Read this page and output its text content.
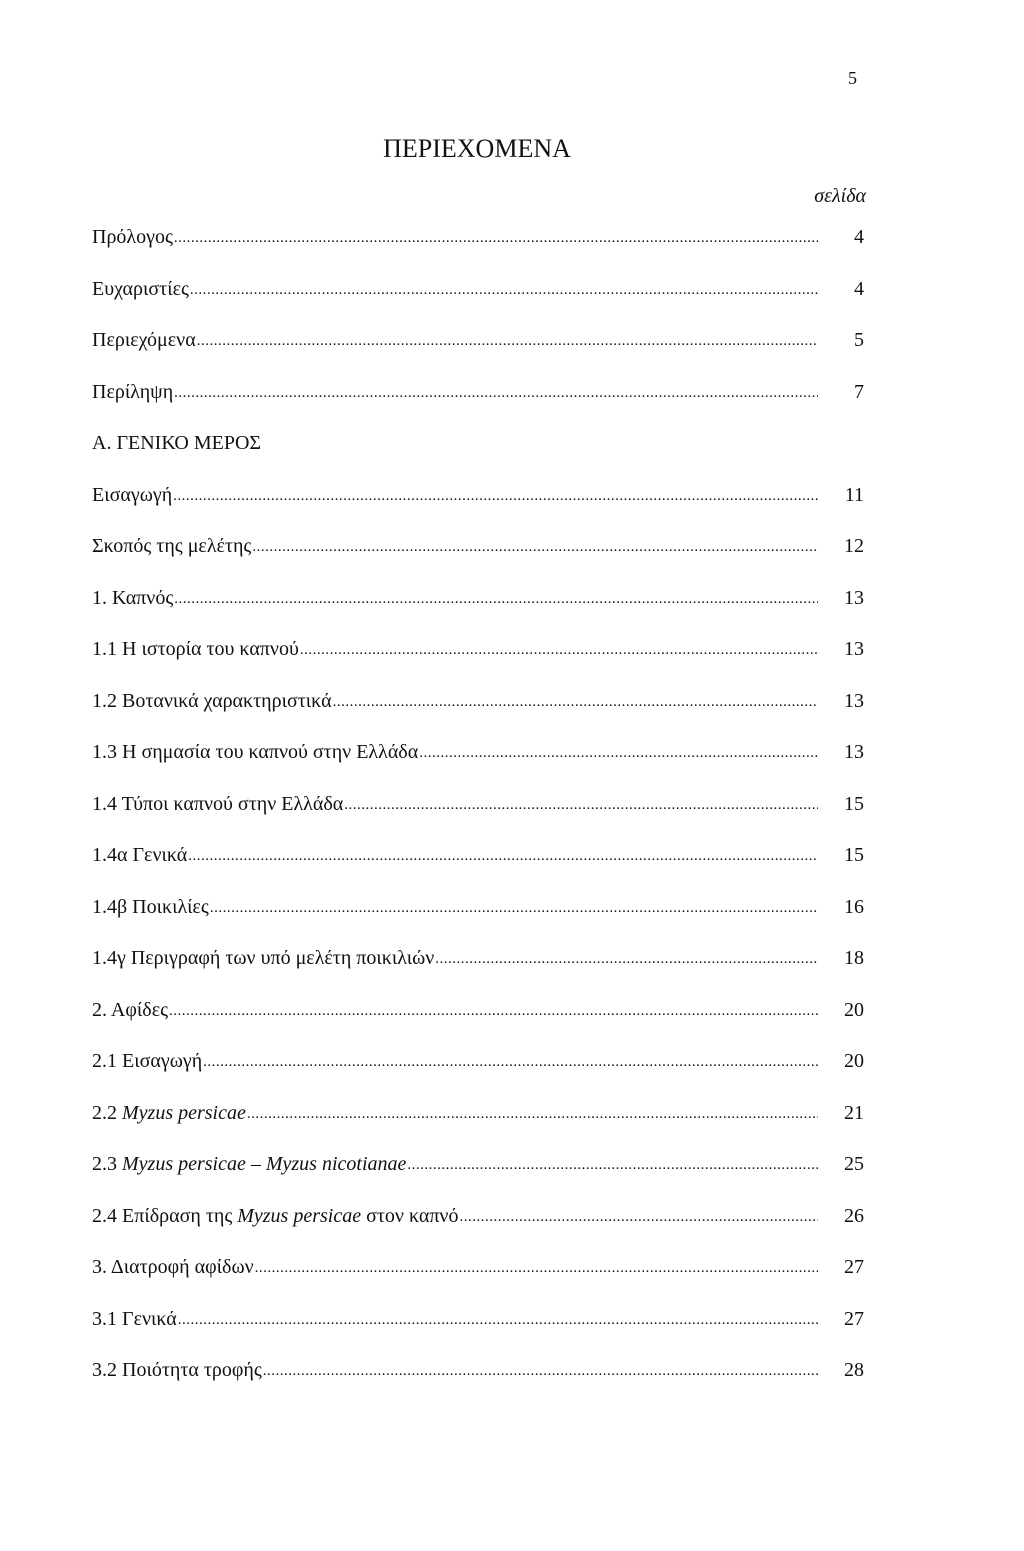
5
ΠΕΡΙΕΧΟΜΕΝΑ
σελίδα
Πρόλογος .....	4
Ευχαριστίες .....	4
Περιεχόμενα .....	5
Περίληψη .....	7
Α. ΓΕΝΙΚΟ ΜΕΡΟΣ
Εισαγωγή .....	11
Σκοπός της μελέτης .....	12
1. Καπνός .....	13
1.1 Η ιστορία του καπνού .....	13
1.2 Βοτανικά χαρακτηριστικά .....	13
1.3 Η σημασία του καπνού στην Ελλάδα .....	13
1.4 Τύποι καπνού στην Ελλάδα .....	15
1.4α Γενικά .....	15
1.4β Ποικιλίες .....	16
1.4γ Περιγραφή των υπό μελέτη ποικιλιών .....	18
2. Αφίδες .....	20
2.1 Εισαγωγή .....	20
2.2 Myzus persicae .....	21
2.3 Myzus persicae – Myzus nicotianae .....	25
2.4 Επίδραση της Myzus persicae στον καπνό .....	26
3. Διατροφή αφίδων .....	27
3.1 Γενικά .....	27
3.2 Ποιότητα τροφής .....	28
